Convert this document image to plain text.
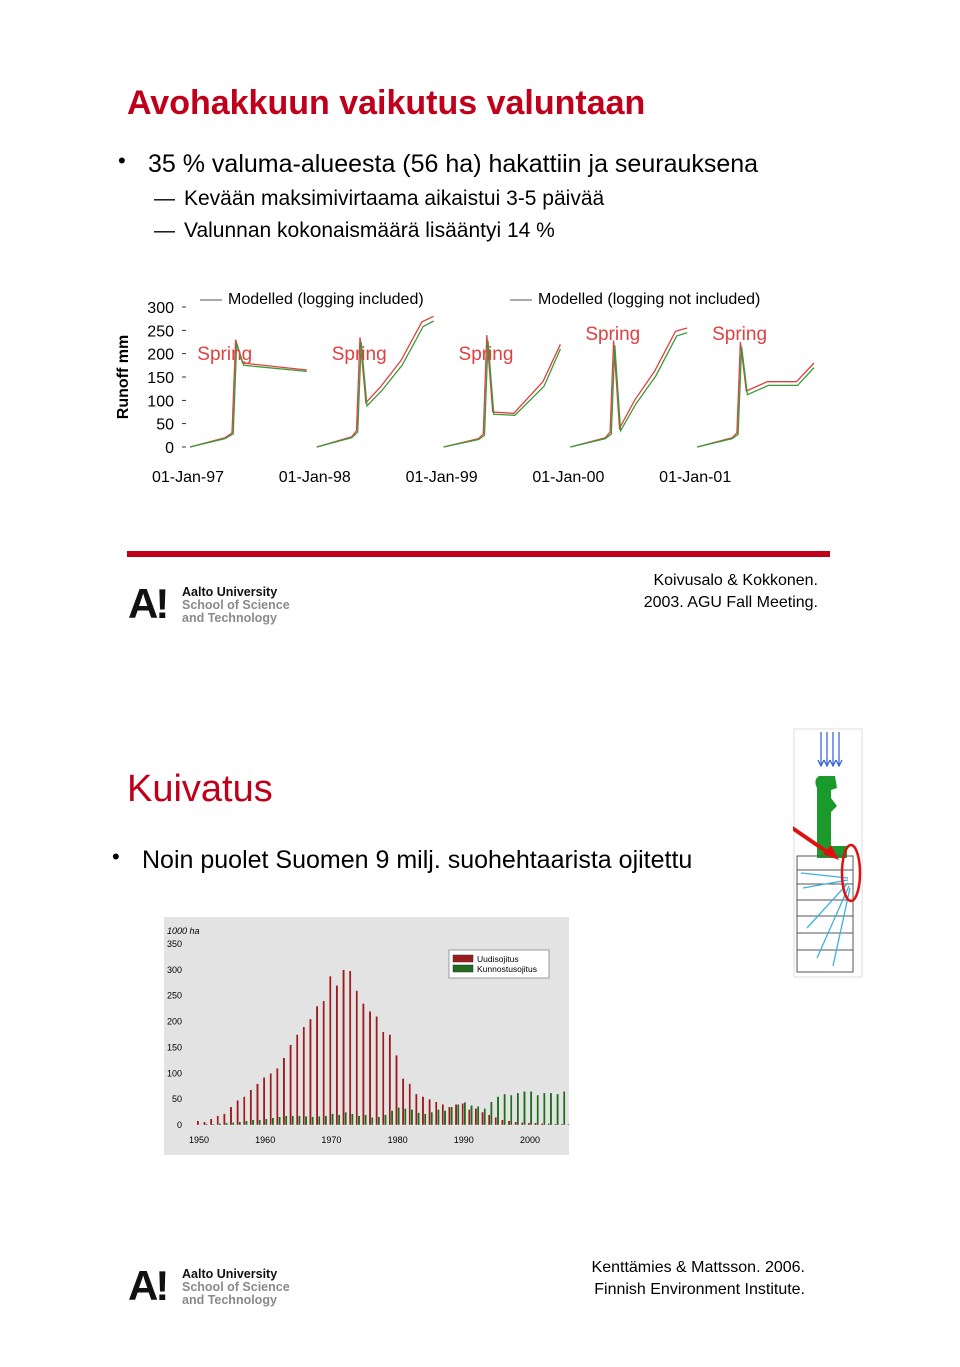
Avohakkuun vaikutus valuntaan
• 35 % valuma-alueesta (56 ha) hakattiin ja seurauksena
— Kevään maksimivirtaama aikaistui 3-5 päivää
— Valunnan kokonaismäärä lisääntyi 14 %
Runoff mm
0
50
100
150
200
250
300
01-Jan-97	01-Jan-98	01-Jan-99	01-Jan-00	01-Jan-01
Modelled (logging included)	Modelled (logging not included)
Spring	Spring	Spring
Spring	Spring
A! Aalto University
School of Science
and Technology
Koivusalo & Kokkonen.
2003. AGU Fall Meeting.
Kuivatus
• Noin puolet Suomen 9 milj. suohehtaarista ojitettu
1000 ha
0
50
100
150
200
250
300
350
1950	1960	1970	1980	1990	2000
Uudisojitus
Kunnostusojitus
A! Aalto University
School of Science
and Technology
Kenttämies & Mattsson. 2006.
Finnish Environment Institute.
